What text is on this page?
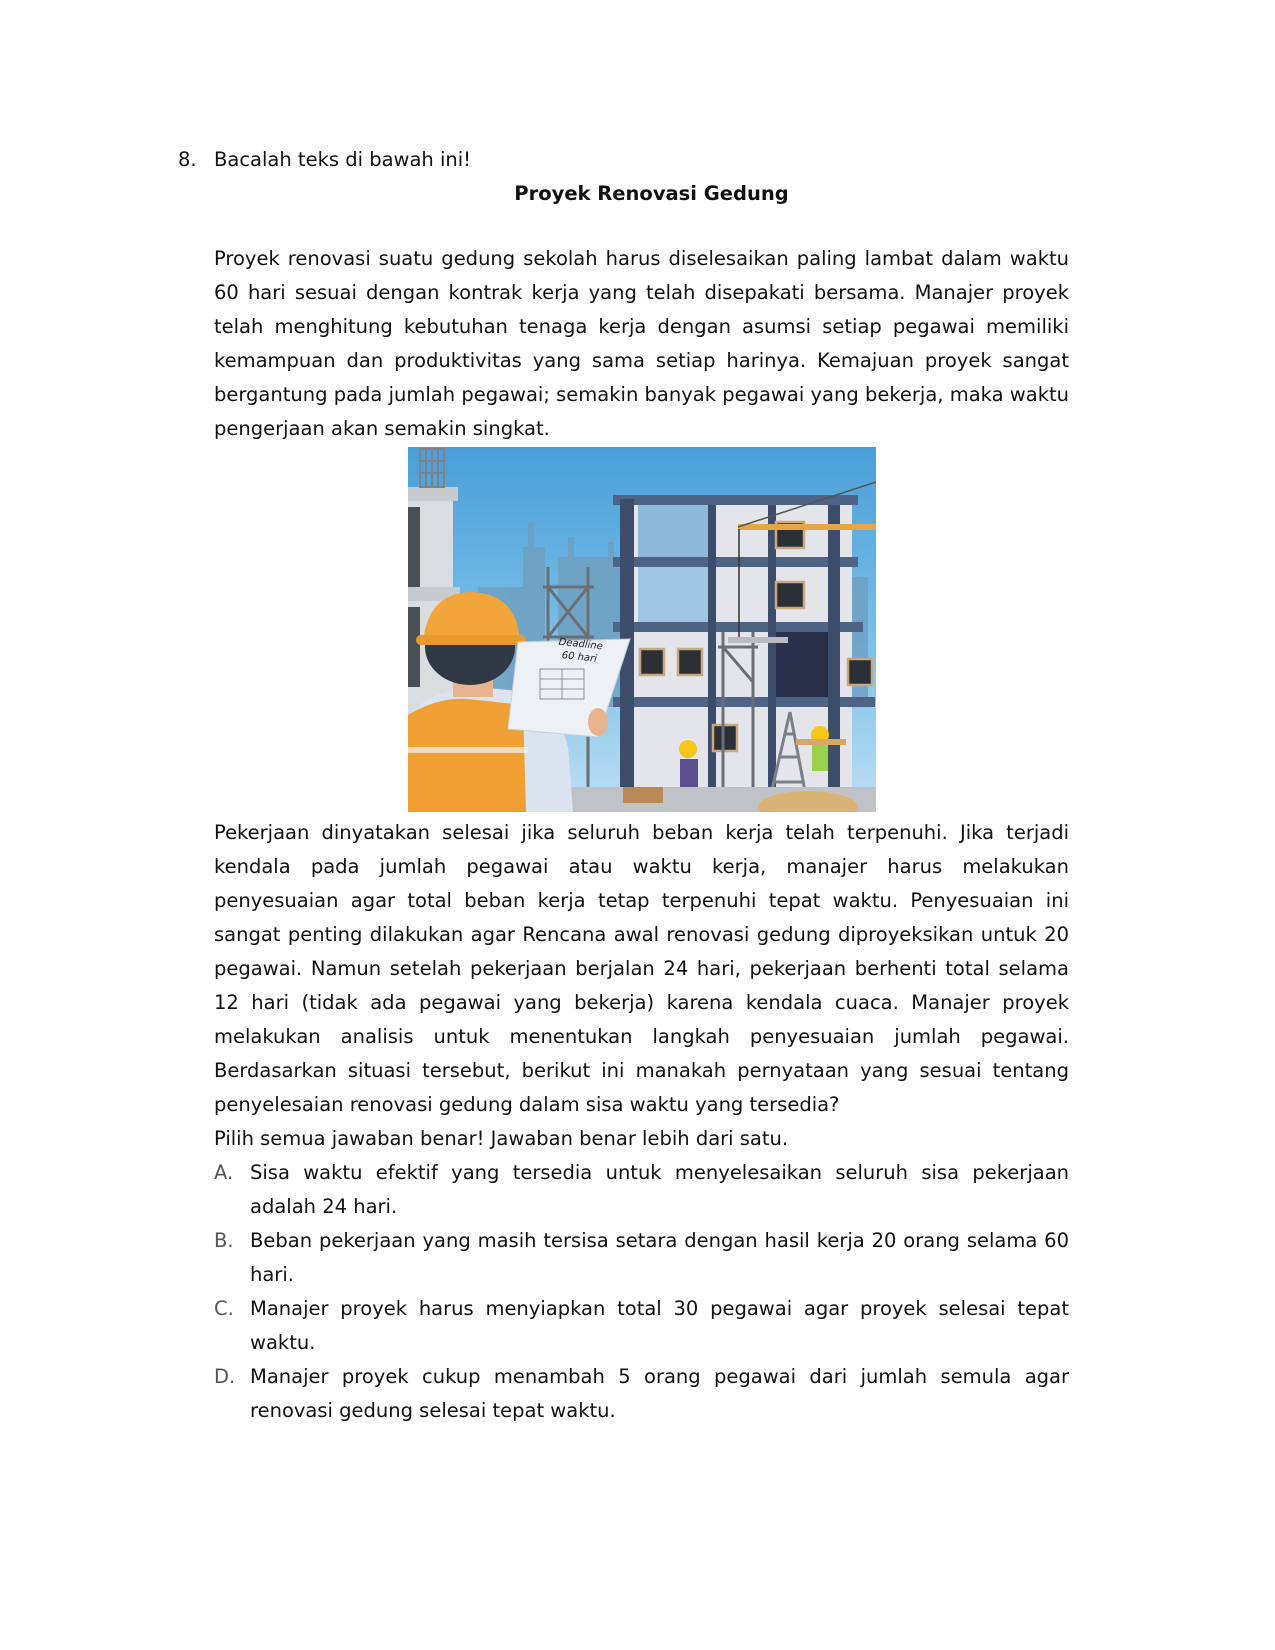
8. Bacalah teks di bawah ini!
Proyek Renovasi Gedung
Proyek renovasi suatu gedung sekolah harus diselesaikan paling lambat dalam waktu 60 hari sesuai dengan kontrak kerja yang telah disepakati bersama. Manajer proyek telah menghitung kebutuhan tenaga kerja dengan asumsi setiap pegawai memiliki kemampuan dan produktivitas yang sama setiap harinya. Kemajuan proyek sangat bergantung pada jumlah pegawai; semakin banyak pegawai yang bekerja, maka waktu pengerjaan akan semakin singkat.
Deadline
60 hari
Pekerjaan dinyatakan selesai jika seluruh beban kerja telah terpenuhi. Jika terjadi kendala pada jumlah pegawai atau waktu kerja, manajer harus melakukan penyesuaian agar total beban kerja tetap terpenuhi tepat waktu. Penyesuaian ini sangat penting dilakukan agar Rencana awal renovasi gedung diproyeksikan untuk 20 pegawai. Namun setelah pekerjaan berjalan 24 hari, pekerjaan berhenti total selama 12 hari (tidak ada pegawai yang bekerja) karena kendala cuaca. Manajer proyek melakukan analisis untuk menentukan langkah penyesuaian jumlah pegawai. Berdasarkan situasi tersebut, berikut ini manakah pernyataan yang sesuai tentang penyelesaian renovasi gedung dalam sisa waktu yang tersedia?
Pilih semua jawaban benar! Jawaban benar lebih dari satu.
A. Sisa waktu efektif yang tersedia untuk menyelesaikan seluruh sisa pekerjaan adalah 24 hari.
B. Beban pekerjaan yang masih tersisa setara dengan hasil kerja 20 orang selama 60 hari.
C. Manajer proyek harus menyiapkan total 30 pegawai agar proyek selesai tepat waktu.
D. Manajer proyek cukup menambah 5 orang pegawai dari jumlah semula agar renovasi gedung selesai tepat waktu.
